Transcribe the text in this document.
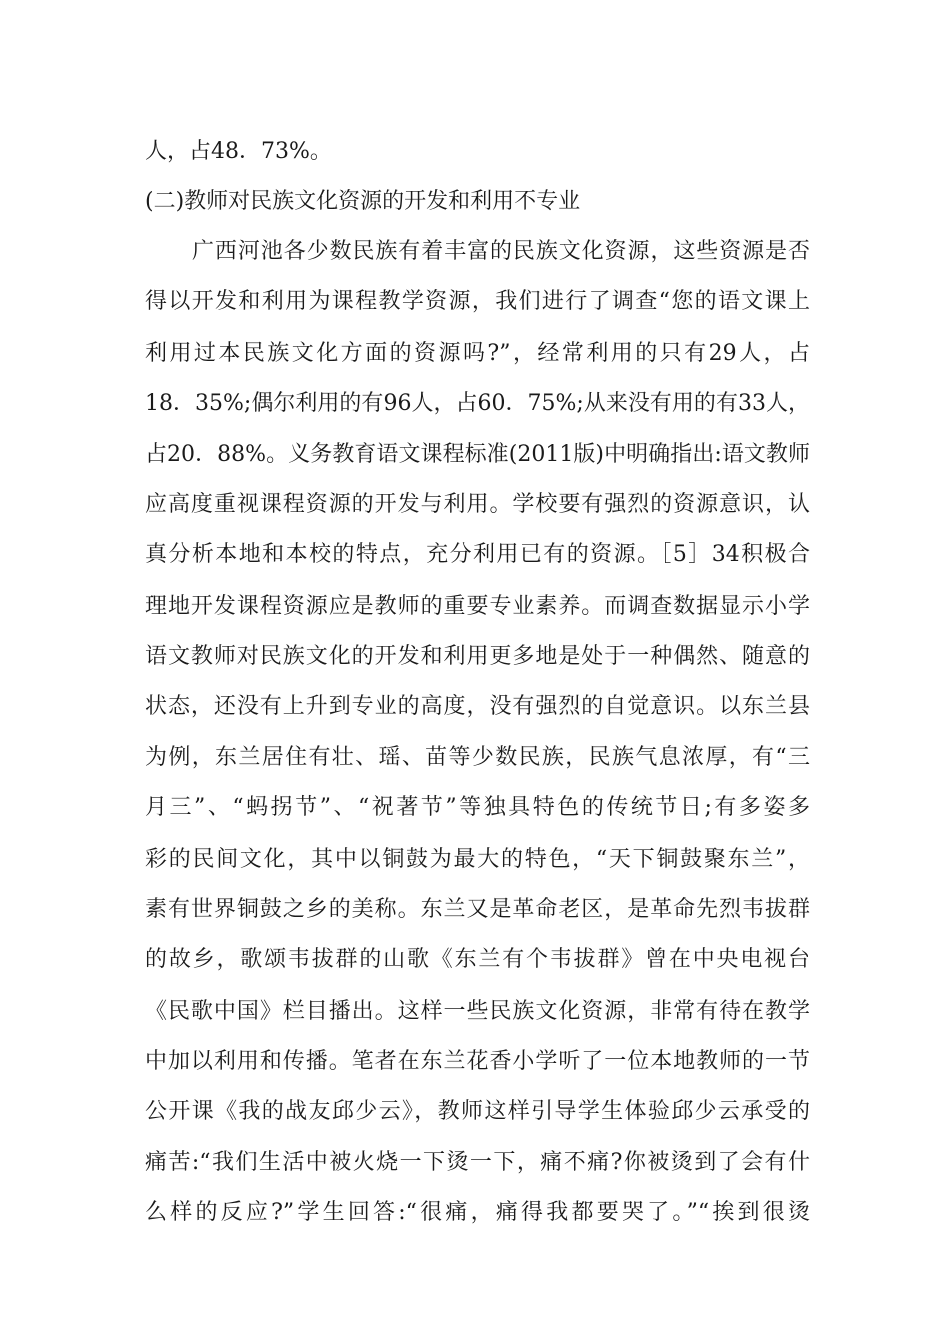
人，占48．73%。
(二)教师对民族文化资源的开发和利用不专业
广西河池各少数民族有着丰富的民族文化资源，这些资源是否
得以开发和利用为课程教学资源，我们进行了调查“您的语文课上
利用过本民族文化方面的资源吗?”，经常利用的只有29人，占
18．35%;偶尔利用的有96人，占60．75%;从来没有用的有33人，
占20．88%。义务教育语文课程标准(2011版)中明确指出:语文教师
应高度重视课程资源的开发与利用。学校要有强烈的资源意识，认
真分析本地和本校的特点，充分利用已有的资源。［5］34积极合
理地开发课程资源应是教师的重要专业素养。而调查数据显示小学
语文教师对民族文化的开发和利用更多地是处于一种偶然、随意的
状态，还没有上升到专业的高度，没有强烈的自觉意识。以东兰县
为例，东兰居住有壮、瑶、苗等少数民族，民族气息浓厚，有“三
月三”、“蚂拐节”、“祝著节”等独具特色的传统节日;有多姿多
彩的民间文化，其中以铜鼓为最大的特色，“天下铜鼓聚东兰”，
素有世界铜鼓之乡的美称。东兰又是革命老区，是革命先烈韦拔群
的故乡，歌颂韦拔群的山歌《东兰有个韦拔群》曾在中央电视台
《民歌中国》栏目播出。这样一些民族文化资源，非常有待在教学
中加以利用和传播。笔者在东兰花香小学听了一位本地教师的一节
公开课《我的战友邱少云》，教师这样引导学生体验邱少云承受的
痛苦:“我们生活中被火烧一下烫一下，痛不痛?你被烫到了会有什
么样的反应?”学生回答:“很痛，痛得我都要哭了。”“挨到很烫
